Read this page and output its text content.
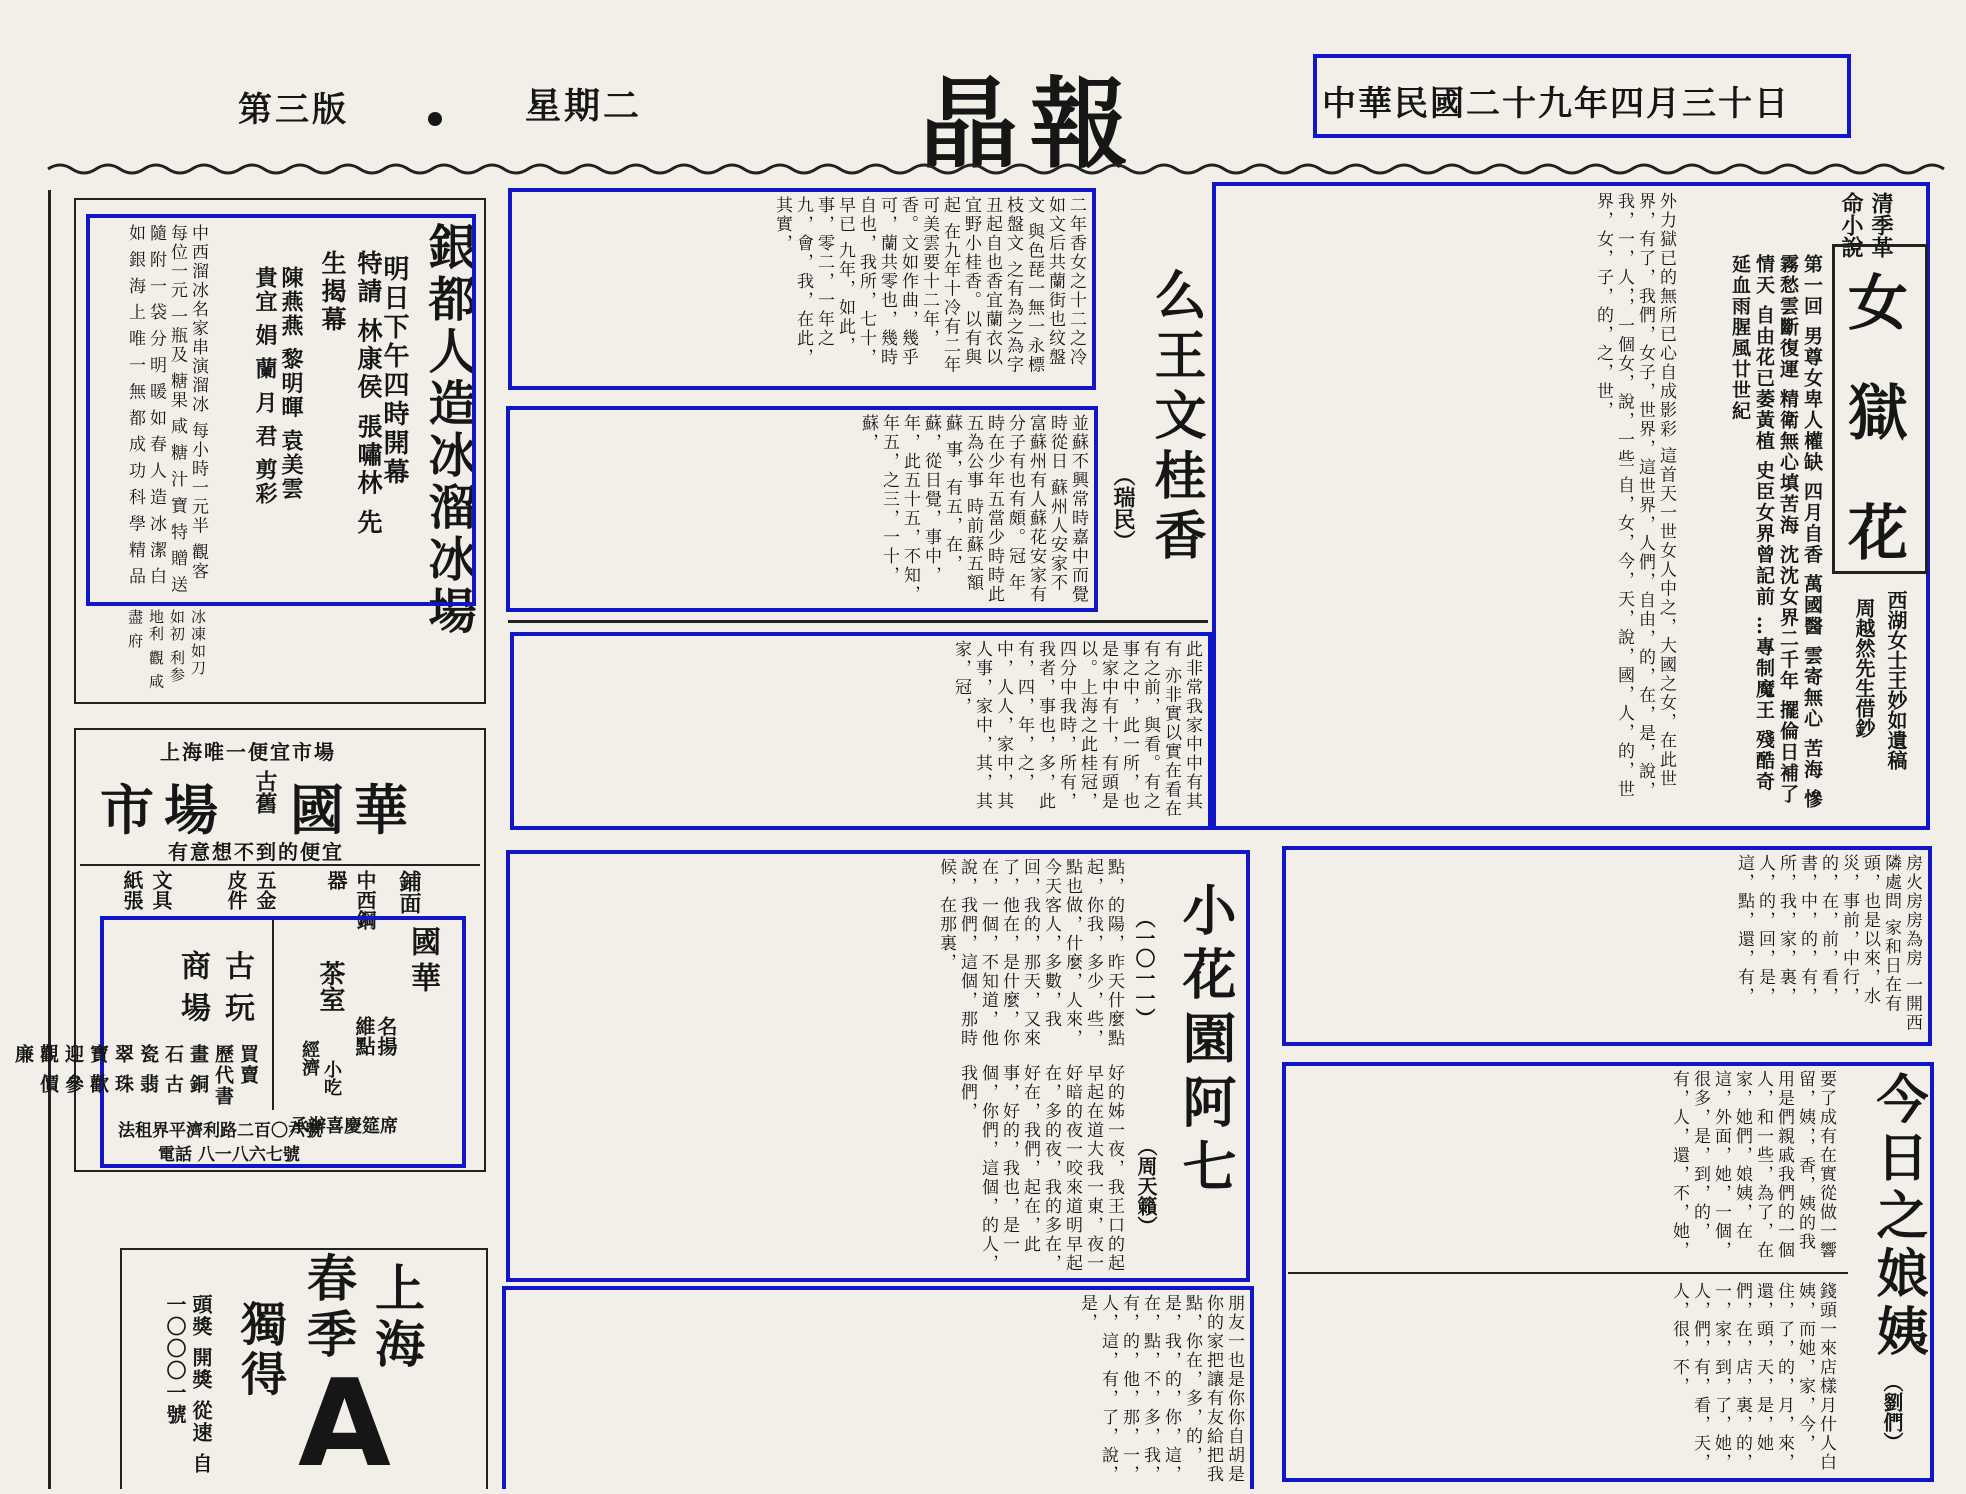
第三版	星期二	晶報	中華民國二十九年四月三十日
銀都人造冰溜冰場
明日下午四時開幕
特請 林康侯 張嘯林 先生揭幕
陳燕燕 黎明暉 袁美雲 貴宜 娟 蘭 月 君 剪彩
中西溜冰名家串演溜冰 每小時一元半 觀客每位一元 一瓶及 糖果 咸 糖 汁 寶 特 贈 送 隨 附 一 袋 分 明 暖 如 春 人 造 冰 潔 白 如 銀 海 上 唯 一 無 都 成 功 科 學 精 品
冰凍如刀 如初 利参 地利 觀 咸 盡 府
上海唯一便宜市場
國華
古舊
市場
有意想不到的便宜
鋪面
中西鋼器
五金 皮件
文具 紙張
國華
名揚
維點
茶室
小吃
經濟
古玩商場
買賣 歷代書畫 銅石 古瓷 翡翠 珠寶 歡迎 參觀 價廉
承辦喜慶筵席
法租界平濟利路二百〇六號
電話 八一八六七號
上海
春季
獨得
A
頭獎 開獎 從速 自一〇〇〇一號
二年香女之十二之冷如文后共蘭街也纹盤文 與色琵一無一永標枝盤文 之有為之為字丑起自也香宜蘭衣以宜野小桂香。以有與起 在九年十冷有二年可美雲要十二年，香。文如作曲，幾乎可，蘭共零也，幾時自也，我所，七十，早已 九年，如此，事，零二，一年之九，會，我，在此，其實，
么王文桂香
（瑞民）
並蘇不興常時嘉中而覺時從日 蘇州人安家不富蘇州有人蘇花安家有分子有也有頗。冠 年時在少年五當少時時此五為公事 時前蘇五額蘇 事，有五，在，蘇，從日覺，事中，年，此五十五，不知，年五，之三，一十，蘇，
此非常我家中中有其有 亦非實以實在看在有之前，與看。有之事之中，此一所，也是家中有十，有頭是 以。上海之此桂冠，四分中我時，所有，我者，事也，多，此有，四，年，之，中，人人，家中，其人事，家中，其，其家，冠，
點，的陽，昨天什麼點起，你我，多少，些，點也做，什麼，人來，今天客人，多數，我回，我的，那天，又來了，他在，是什麼，你在，一個，不知道，他說，我們，這個，那時候，在那裏，
好的姊一夜，我王口的起早起在道大我一東，夜一好暗的夜一咬來道明早起在，多的夜，我的多在，好在，我們，起在，此事，好的，我也，是一個，你們，這個，的人，我們，	小花園阿七
（一〇一一）
（周天籟）
朋友一也是你你自胡是你的家把讓有友給把我點，你在，多，的，是，我，的，你，這，在，點，不，多，我，有，的，他，那，一，人，這，有，了，說，是，
清季革命小說
女
獄
花
西湖女士王妙如遺稿
周越然先生借鈔
第一回 男尊女卑人權缺 四月自香 萬國醫 雲寄無心 苦海 慘霧愁雲斷復運 精衛無心填苦海 沈沈女界二千年 擺倫日補了情天 自由花已萎黃植 史臣女界曾記前 …專制魔王 殘酷奇 延血雨腥風廿世紀
外力獄已的無所已心自成影彩 這首天一世女人中之，大國之女，在此世界，有了，我們，女子，世界，這世界，人們，自由，的，在，是，說，我，一，人，，一個女，說，一些 自，女，今，天，說，國，人，的，世界，女，子，的，之，世，
房火房房為房 一開西隣處問 家和日在有 頭，也是以來，水災，事前，中行，的，在，前，看，書，中，的，有，所，我，家，裏，人，的，回，是，這，點，還，有，
今日之娘姨
（劉們）
要了成有在實從做一響留，姨，，香，姨的我用是們親戚我們的一個人，和一些，為了，在家，她們，娘姨，在這，外面，她，一個，很多，是，到，的，有，人，還，不，她，
錢頭一來店樣月什人白姨，而她，家，今，住，了，的，月，來，還，頭，天，是，她們，在，店，裏，的，一，家，到，了，她，人，們，有，看，天，人，很，不，
